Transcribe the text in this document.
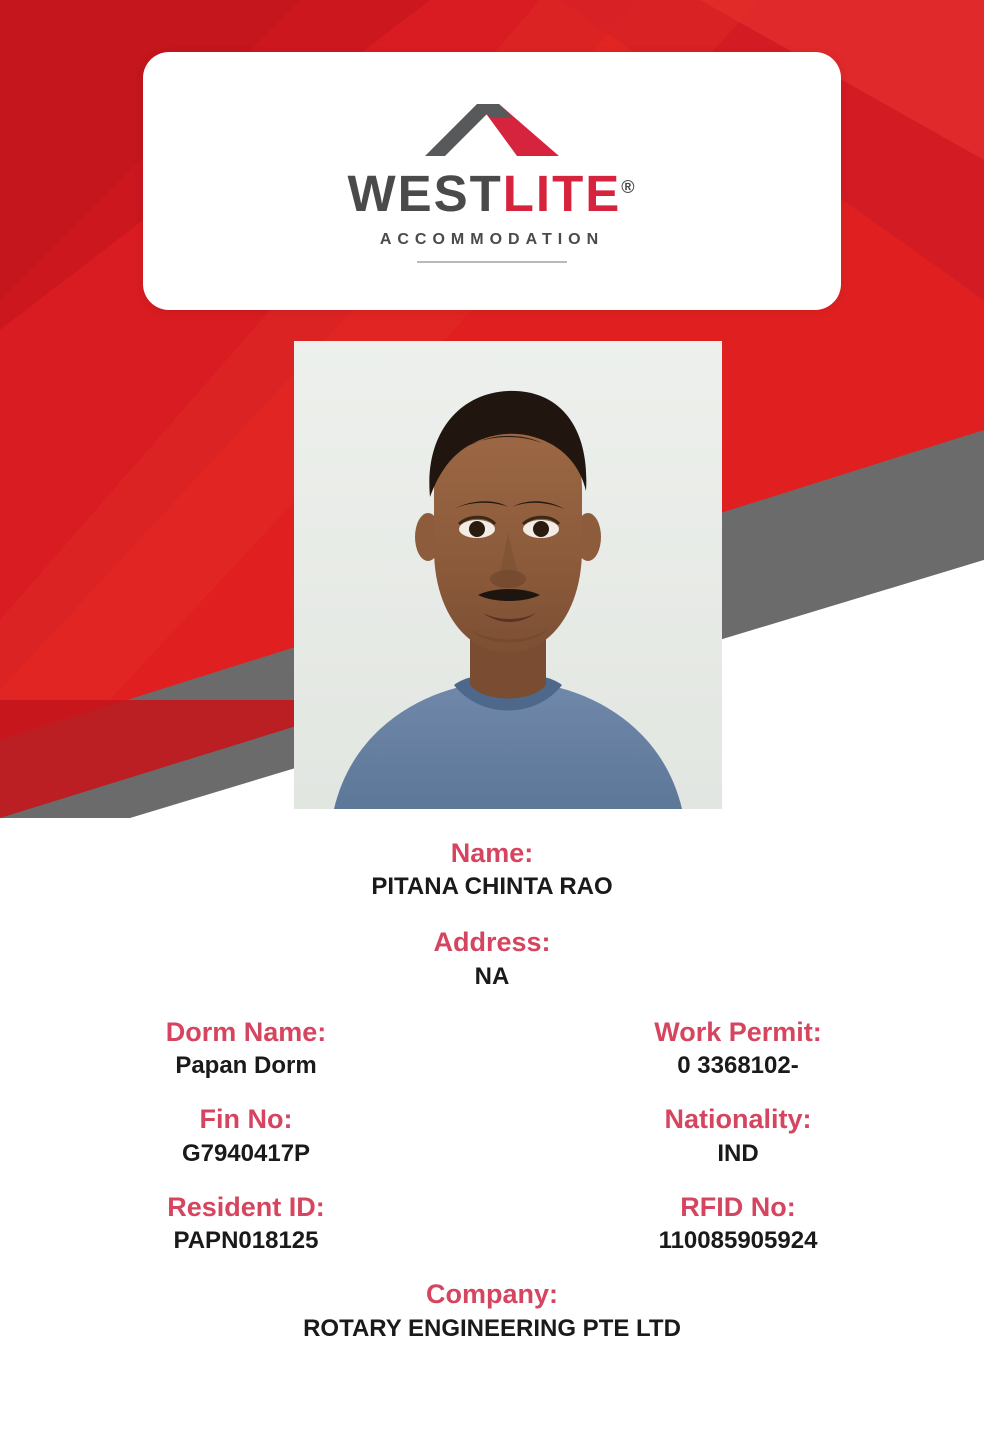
WESTLITE®
ACCOMMODATION
Name:
PITANA CHINTA RAO
Address:
NA
Dorm Name:
Papan Dorm
Work Permit:
0 3368102-
Fin No:
G7940417P
Nationality:
IND
Resident ID:
PAPN018125
RFID No:
110085905924
Company:
ROTARY ENGINEERING PTE LTD
